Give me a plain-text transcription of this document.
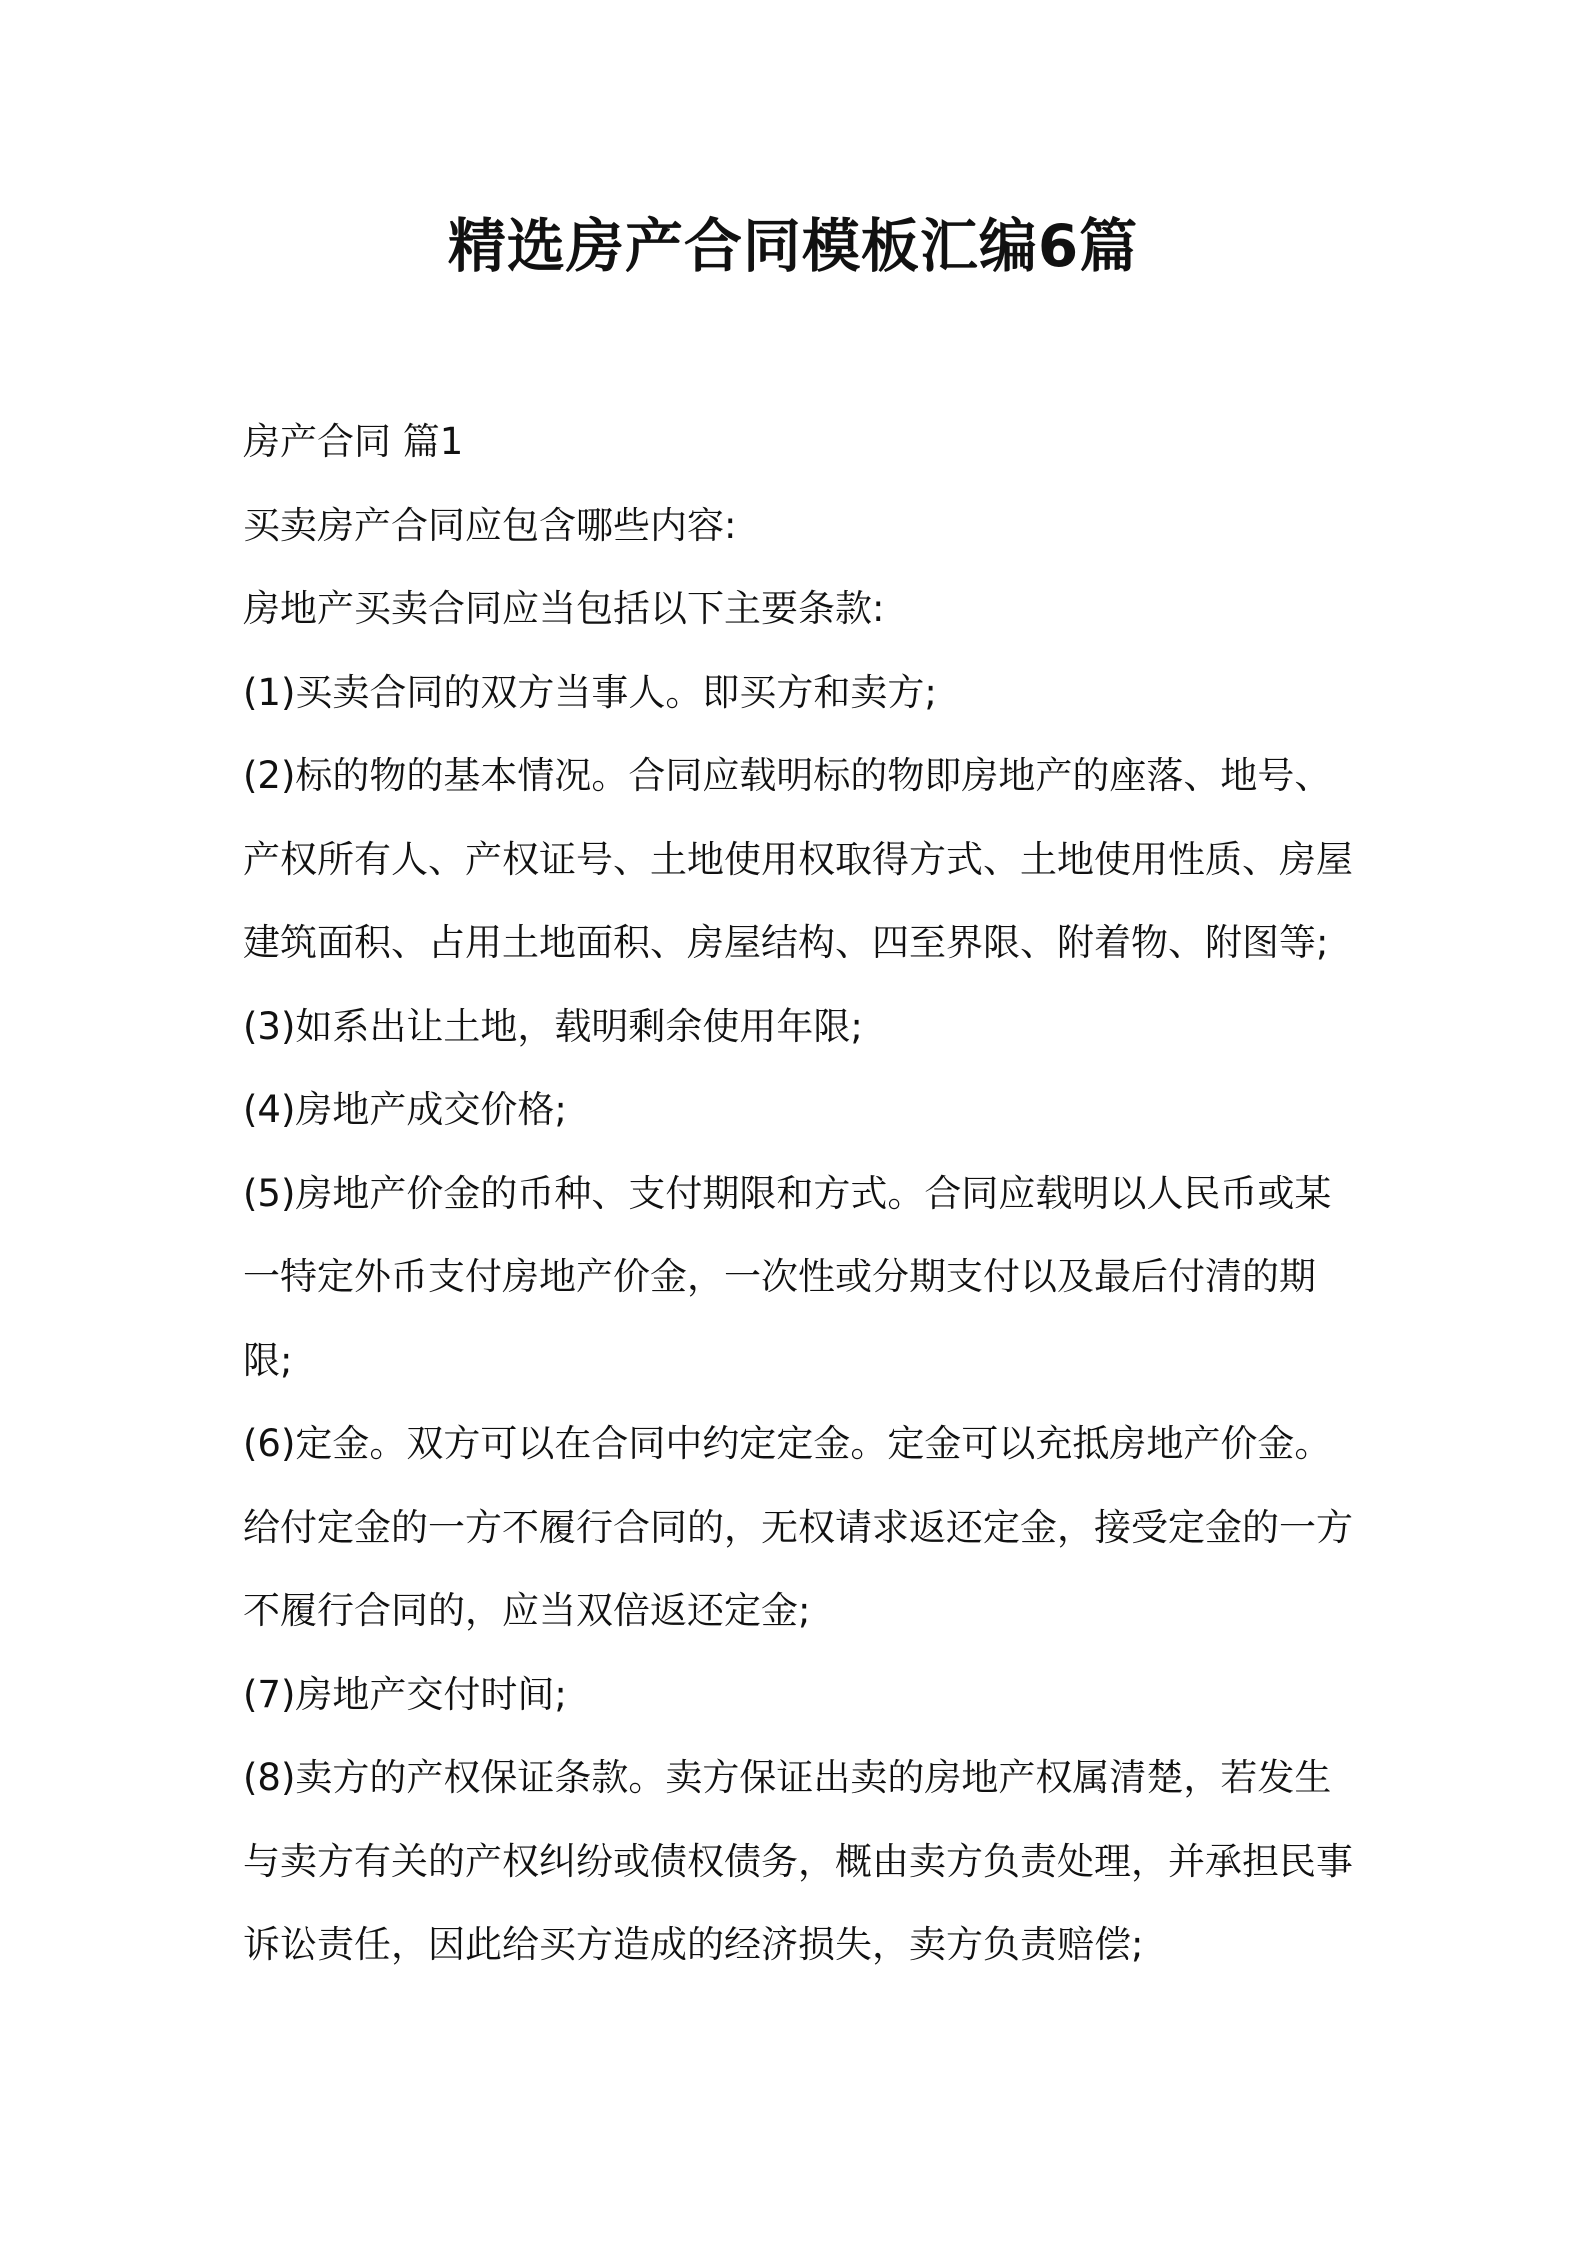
精选房产合同模板汇编6篇

房产合同 篇1

买卖房产合同应包含哪些内容:

房地产买卖合同应当包括以下主要条款:

(1)买卖合同的双方当事人。即买方和卖方;

(2)标的物的基本情况。合同应载明标的物即房地产的座落、地号、

产权所有人、产权证号、土地使用权取得方式、土地使用性质、房屋

建筑面积、占用土地面积、房屋结构、四至界限、附着物、附图等;

(3)如系出让土地，载明剩余使用年限;

(4)房地产成交价格;

(5)房地产价金的币种、支付期限和方式。合同应载明以人民币或某

一特定外币支付房地产价金，一次性或分期支付以及最后付清的期

限;

(6)定金。双方可以在合同中约定定金。定金可以充抵房地产价金。

给付定金的一方不履行合同的，无权请求返还定金，接受定金的一方

不履行合同的，应当双倍返还定金;

(7)房地产交付时间;

(8)卖方的产权保证条款。卖方保证出卖的房地产权属清楚，若发生

与卖方有关的产权纠纷或债权债务，概由卖方负责处理，并承担民事

诉讼责任，因此给买方造成的经济损失，卖方负责赔偿;
